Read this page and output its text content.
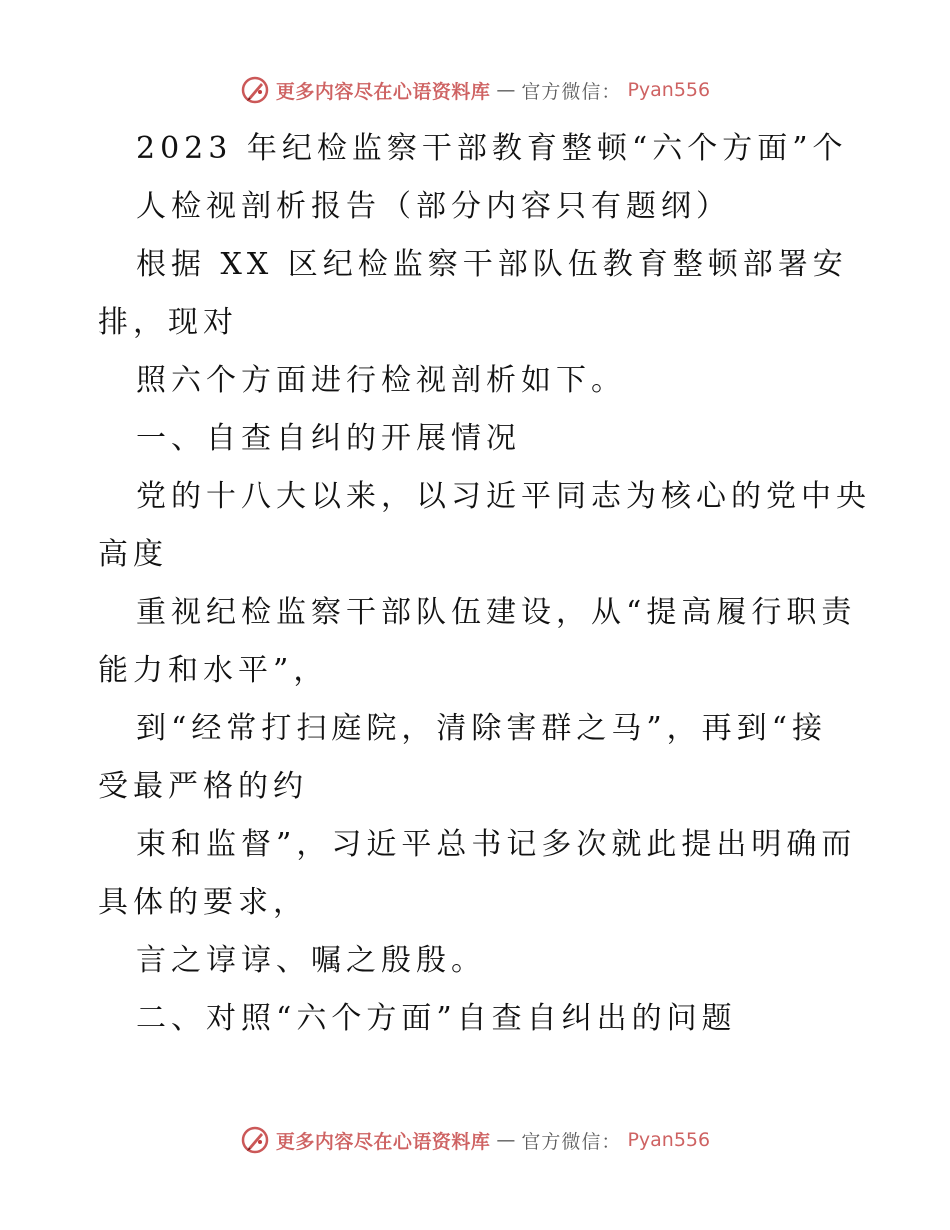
更多内容尽在心语资料库 — 官方微信： Pyan556
2023 年纪检监察干部教育整顿“六个方面”个
人检视剖析报告（部分内容只有题纲）
根据 XX 区纪检监察干部队伍教育整顿部署安
排，现对
照六个方面进行检视剖析如下。
一、自查自纠的开展情况
党的十八大以来，以习近平同志为核心的党中央
高度
重视纪检监察干部队伍建设，从“提高履行职责
能力和水平”，
到“经常打扫庭院，清除害群之马”，再到“接
受最严格的约
束和监督”，习近平总书记多次就此提出明确而
具体的要求，
言之谆谆、嘱之殷殷。
二、对照“六个方面”自查自纠出的问题
更多内容尽在心语资料库 — 官方微信： Pyan556
